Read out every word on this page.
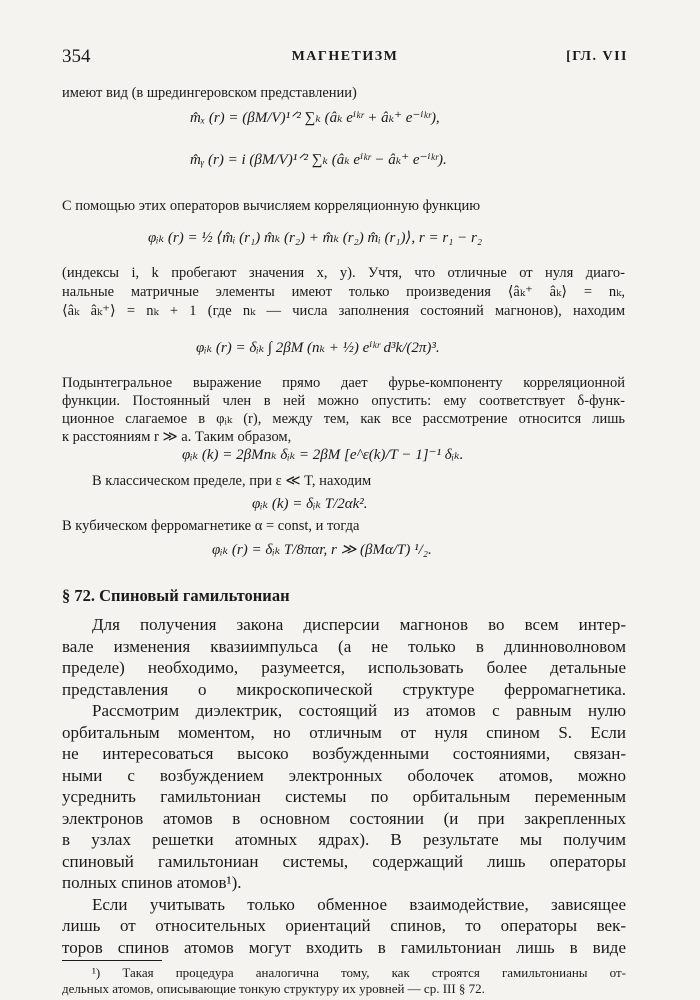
354	МАГНЕТИЗМ	[ГЛ. VII
имеют вид (в шредингеровском представлении)
m̂ₓ (r) = (βM/V)¹ᐟ² ∑ₖ (âₖ eⁱᵏʳ + âₖ⁺ e⁻ⁱᵏʳ),
m̂ᵧ (r) = i (βM/V)¹ᐟ² ∑ₖ (âₖ eⁱᵏʳ − âₖ⁺ e⁻ⁱᵏʳ).
С помощью этих операторов вычисляем корреляционную функцию
φᵢₖ (r) = ½ ⟨m̂ᵢ (r₁) m̂ₖ (r₂) + m̂ₖ (r₂) m̂ᵢ (r₁)⟩, r = r₁ − r₂
(индексы i, k пробегают значения x, y). Учтя, что отличные от нуля диаго-
нальные матричные элементы имеют только произведения ⟨âₖ⁺ âₖ⟩ = nₖ,
⟨âₖ âₖ⁺⟩ = nₖ + 1 (где nₖ — числа заполнения состояний магнонов), находим
φᵢₖ (r) = δᵢₖ ∫ 2βM (nₖ + ½) eⁱᵏʳ d³k/(2π)³.
Подынтегральное выражение прямо дает фурье-компоненту корреляционной
функции. Постоянный член в ней можно опустить: ему соответствует δ-функ-
ционное слагаемое в φᵢₖ (r), между тем, как все рассмотрение относится лишь
к расстояниям r ≫ a. Таким образом,
φᵢₖ (k) = 2βMnₖ δᵢₖ = 2βM [e^ε(k)/T − 1]⁻¹ δᵢₖ.
В классическом пределе, при ε ≪ T, находим
φᵢₖ (k) = δᵢₖ T/2αk².
В кубическом ферромагнетике α = const, и тогда
φᵢₖ (r) = δᵢₖ T/8παr, r ≫ (βMα/T) ¹/₂.
§ 72. Спиновый гамильтониан
Для получения закона дисперсии магнонов во всем интер-
вале изменения квазиимпульса (а не только в длинноволновом
пределе) необходимо, разумеется, использовать более детальные
представления о микроскопической структуре ферромагнетика.
Рассмотрим диэлектрик, состоящий из атомов с равным нулю
орбитальным моментом, но отличным от нуля спином S. Если
не интересоваться высоко возбужденными состояниями, связан-
ными с возбуждением электронных оболочек атомов, можно
усреднить гамильтониан системы по орбитальным переменным
электронов атомов в основном состоянии (и при закрепленных
в узлах решетки атомных ядрах). В результате мы получим
спиновый гамильтониан системы, содержащий лишь операторы
полных спинов атомов¹).
Если учитывать только обменное взаимодействие, зависящее
лишь от относительных ориентаций спинов, то операторы век-
торов спинов атомов могут входить в гамильтониан лишь в виде
¹) Такая процедура аналогична тому, как строятся гамильтонианы от-
дельных атомов, описывающие тонкую структуру их уровней — ср. III § 72.
